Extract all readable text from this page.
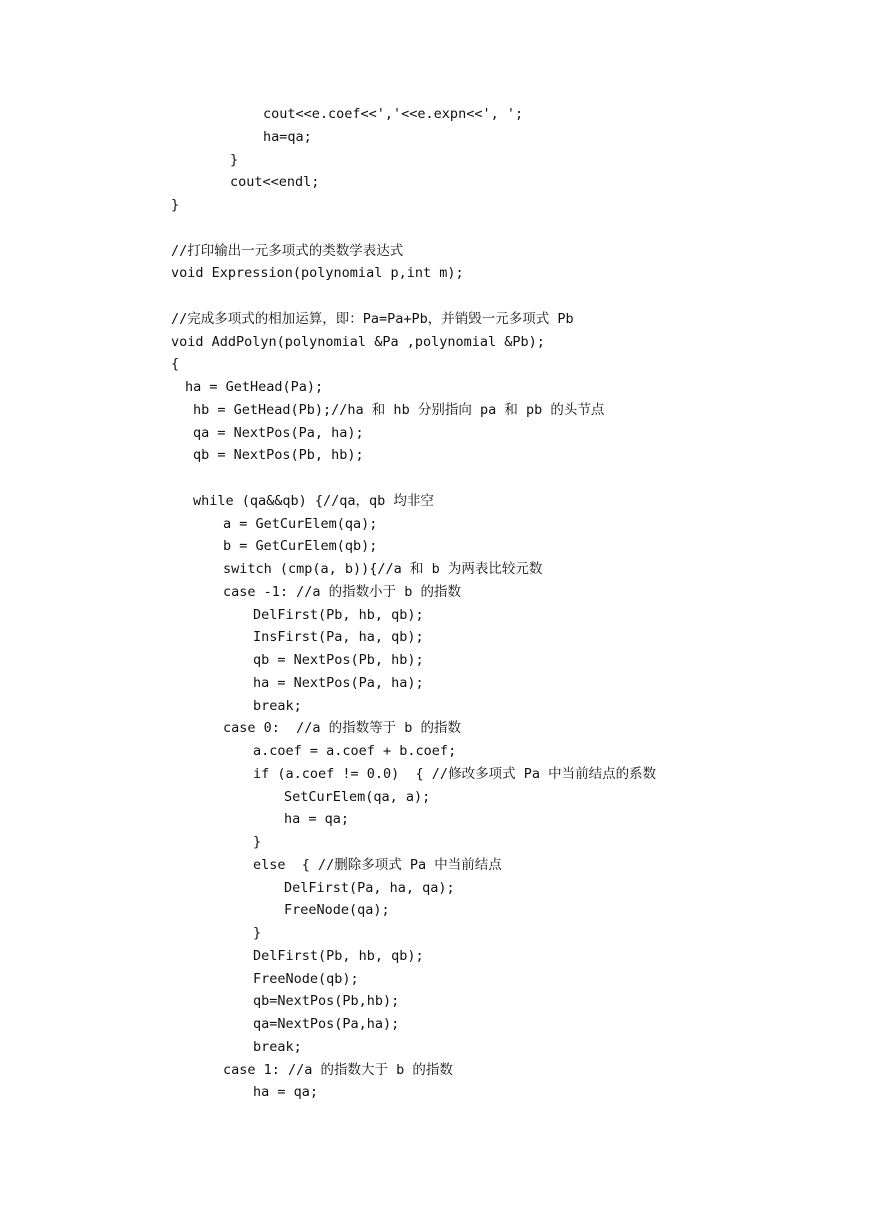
cout<<e.coef<<','<<e.expn<<', ';
ha=qa;
}
cout<<endl;
}
//打印输出一元多项式的类数学表达式
void Expression(polynomial p,int m);
//完成多项式的相加运算，即：Pa=Pa+Pb，并销毁一元多项式 Pb
void AddPolyn(polynomial &Pa ,polynomial &Pb);
{
ha = GetHead(Pa);
hb = GetHead(Pb);//ha 和 hb 分别指向 pa 和 pb 的头节点
qa = NextPos(Pa, ha);
qb = NextPos(Pb, hb);
while (qa&&qb) {//qa，qb 均非空
a = GetCurElem(qa);
b = GetCurElem(qb);
switch (cmp(a, b)){//a 和 b 为两表比较元数
case -1: //a 的指数小于 b 的指数
DelFirst(Pb, hb, qb);
InsFirst(Pa, ha, qb);
qb = NextPos(Pb, hb);
ha = NextPos(Pa, ha);
break;
case 0:  //a 的指数等于 b 的指数
a.coef = a.coef + b.coef;
if (a.coef != 0.0)  { //修改多项式 Pa 中当前结点的系数
SetCurElem(qa, a);
ha = qa;
}
else  { //删除多项式 Pa 中当前结点
DelFirst(Pa, ha, qa);
FreeNode(qa);
}
DelFirst(Pb, hb, qb);
FreeNode(qb);
qb=NextPos(Pb,hb);
qa=NextPos(Pa,ha);
break;
case 1: //a 的指数大于 b 的指数
ha = qa;
